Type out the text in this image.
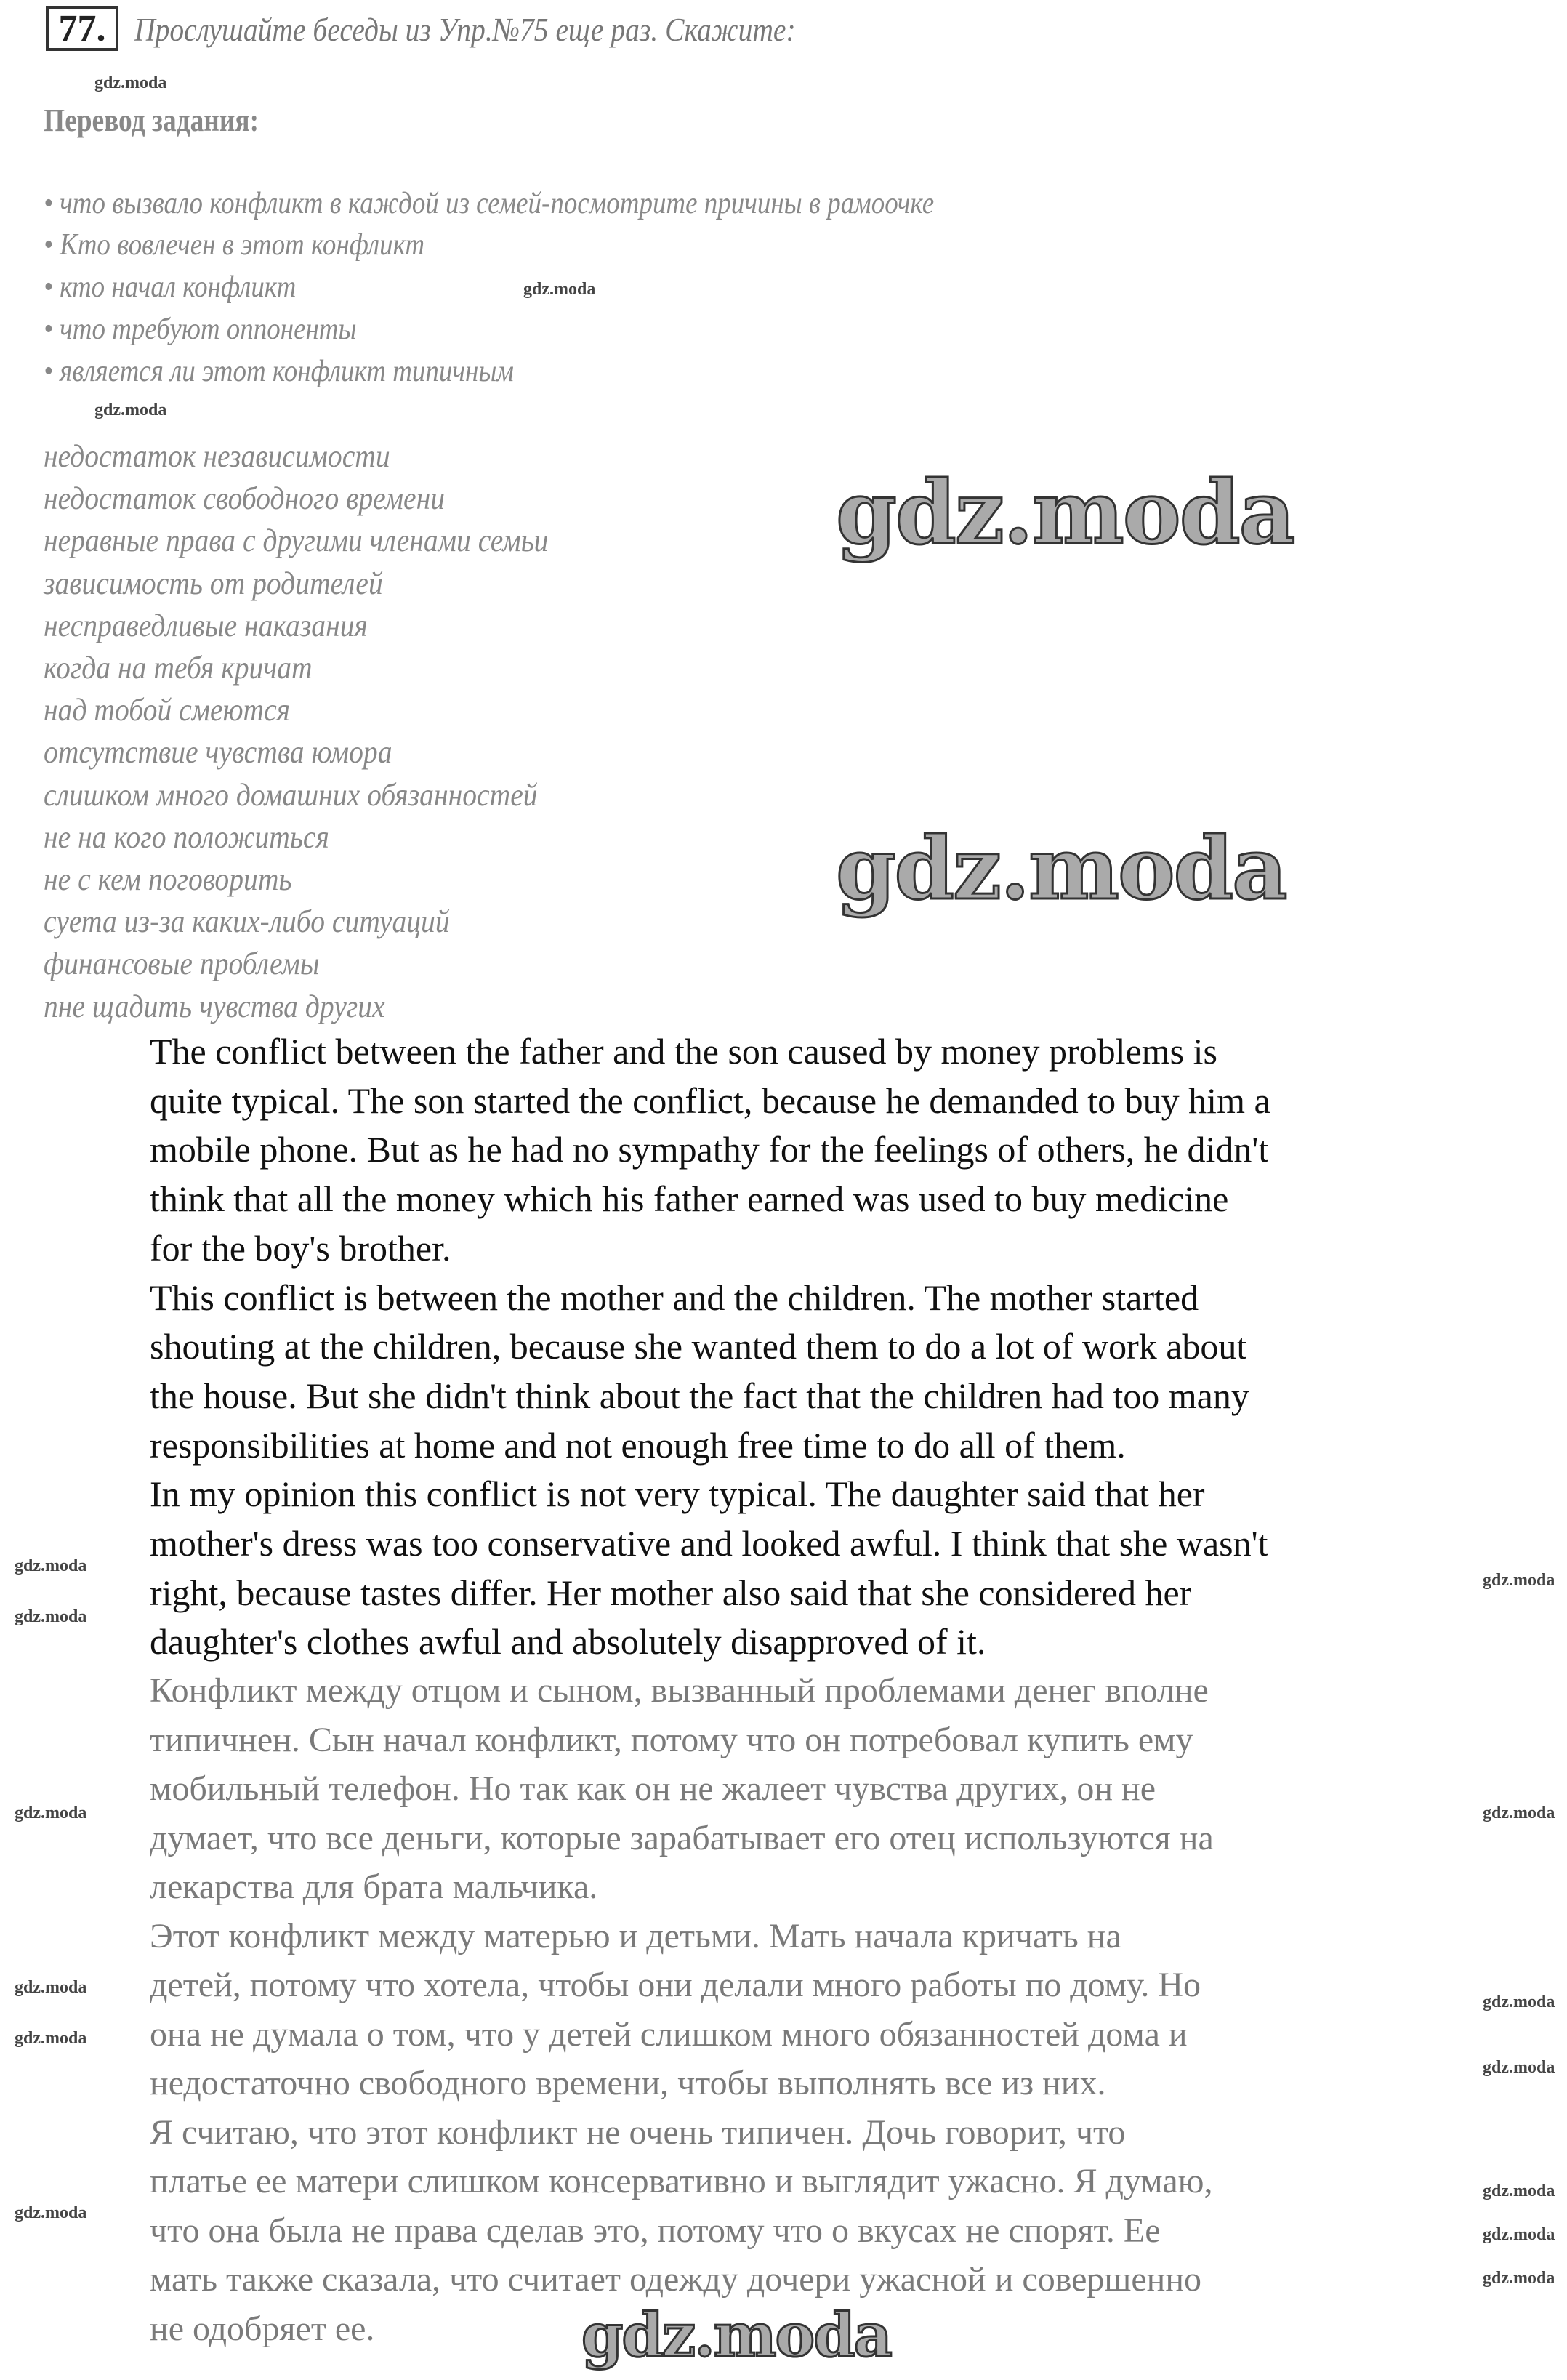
77. Прослушайте беседы из Упр.№75 еще раз. Скажите:
Перевод задания:
• что вызвало конфликт в каждой из семей-посмотрите причины в рамоочке
• Кто вовлечен в этот конфликт
• кто начал конфликт
• что требуют оппоненты
• является ли этот конфликт типичным
недостаток независимости
недостаток свободного времени
неравные права с другими членами семьи
зависимость от родителей
несправедливые наказания
когда на тебя кричат
над тобой смеются
отсутствие чувства юмора
слишком много домашних обязанностей
не на кого положиться
не с кем поговорить
суета из-за каких-либо ситуаций
финансовые проблемы
пне щадить чувства других
The conflict between the father and the son caused by money problems is
quite typical. The son started the conflict, because he demanded to buy him a
mobile phone. But as he had no sympathy for the feelings of others, he didn't
think that all the money which his father earned was used to buy medicine
for the boy's brother.
This conflict is between the mother and the children. The mother started
shouting at the children, because she wanted them to do a lot of work about
the house. But she didn't think about the fact that the children had too many
responsibilities at home and not enough free time to do all of them.
In my opinion this conflict is not very typical. The daughter said that her
mother's dress was too conservative and looked awful. I think that she wasn't
right, because tastes differ. Her mother also said that she considered her
daughter's clothes awful and absolutely disapproved of it.
Конфликт между отцом и сыном, вызванный проблемами денег вполне
типичнен. Сын начал конфликт, потому что он потребовал купить ему
мобильный телефон. Но так как он не жалеет чувства других, он не
думает, что все деньги, которые зарабатывает его отец используются на
лекарства для брата мальчика.
Этот конфликт между матерью и детьми. Мать начала кричать на
детей, потому что хотела, чтобы они делали много работы по дому. Но
она не думала о том, что у детей слишком много обязанностей дома и
недостаточно свободного времени, чтобы выполнять все из них.
Я считаю, что этот конфликт не очень типичен. Дочь говорит, что
платье ее матери слишком консервативно и выглядит ужасно. Я думаю,
что она была не права сделав это, потому что о вкусах не спорят. Ее
мать также сказала, что считает одежду дочери ужасной и совершенно
не одобряет ее.
gdz.moda
gdz.moda
gdz.moda
gdz.moda
gdz.moda
gdz.moda
gdz.moda
gdz.moda
gdz.moda
gdz.moda	gdz.moda
gdz.moda
gdz.moda
gdz.moda
gdz.moda
gdz.moda
gdz.moda
gdz.moda
gdz.moda
